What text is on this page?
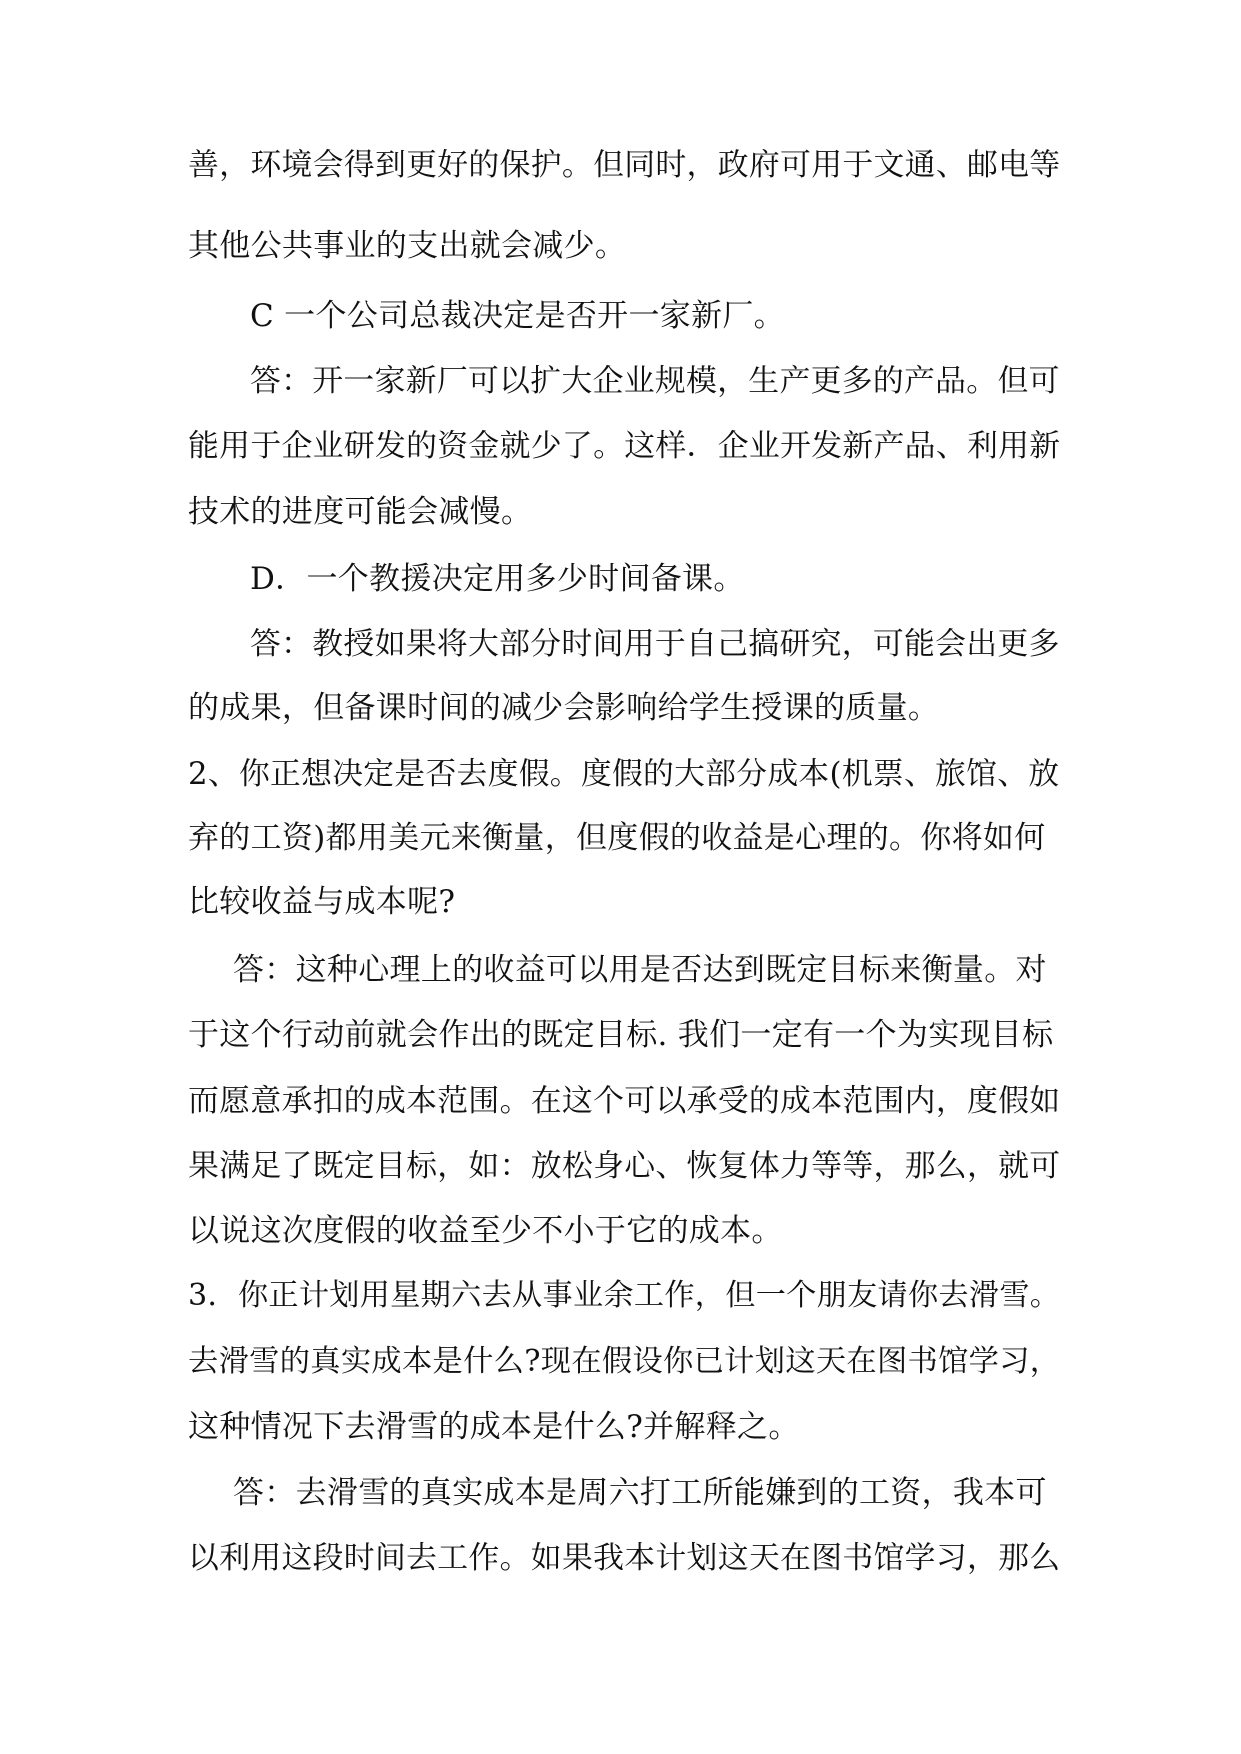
善，环境会得到更好的保护。但同时，政府可用于文通、邮电等
其他公共事业的支出就会减少。
C 一个公司总裁决定是否开一家新厂。
答：开一家新厂可以扩大企业规模，生产更多的产品。但可
能用于企业研发的资金就少了。这样．企业开发新产品、利用新
技术的进度可能会减慢。
D．一个教援决定用多少时间备课。
答：教授如果将大部分时间用于自己搞研究，可能会出更多
的成果，但备课时间的减少会影响给学生授课的质量。
2、你正想决定是否去度假。度假的大部分成本(机票、旅馆、放
弃的工资)都用美元来衡量，但度假的收益是心理的。你将如何
比较收益与成本呢?
答：这种心理上的收益可以用是否达到既定目标来衡量。对
于这个行动前就会作出的既定目标. 我们一定有一个为实现目标
而愿意承扣的成本范围。在这个可以承受的成本范围内，度假如
果满足了既定目标，如：放松身心、恢复体力等等，那么，就可
以说这次度假的收益至少不小于它的成本。
3．你正计划用星期六去从事业余工作，但一个朋友请你去滑雪。
去滑雪的真实成本是什么?现在假设你已计划这天在图书馆学习，
这种情况下去滑雪的成本是什么?并解释之。
答：去滑雪的真实成本是周六打工所能嫌到的工资，我本可
以利用这段时间去工作。如果我本计划这天在图书馆学习，那么
